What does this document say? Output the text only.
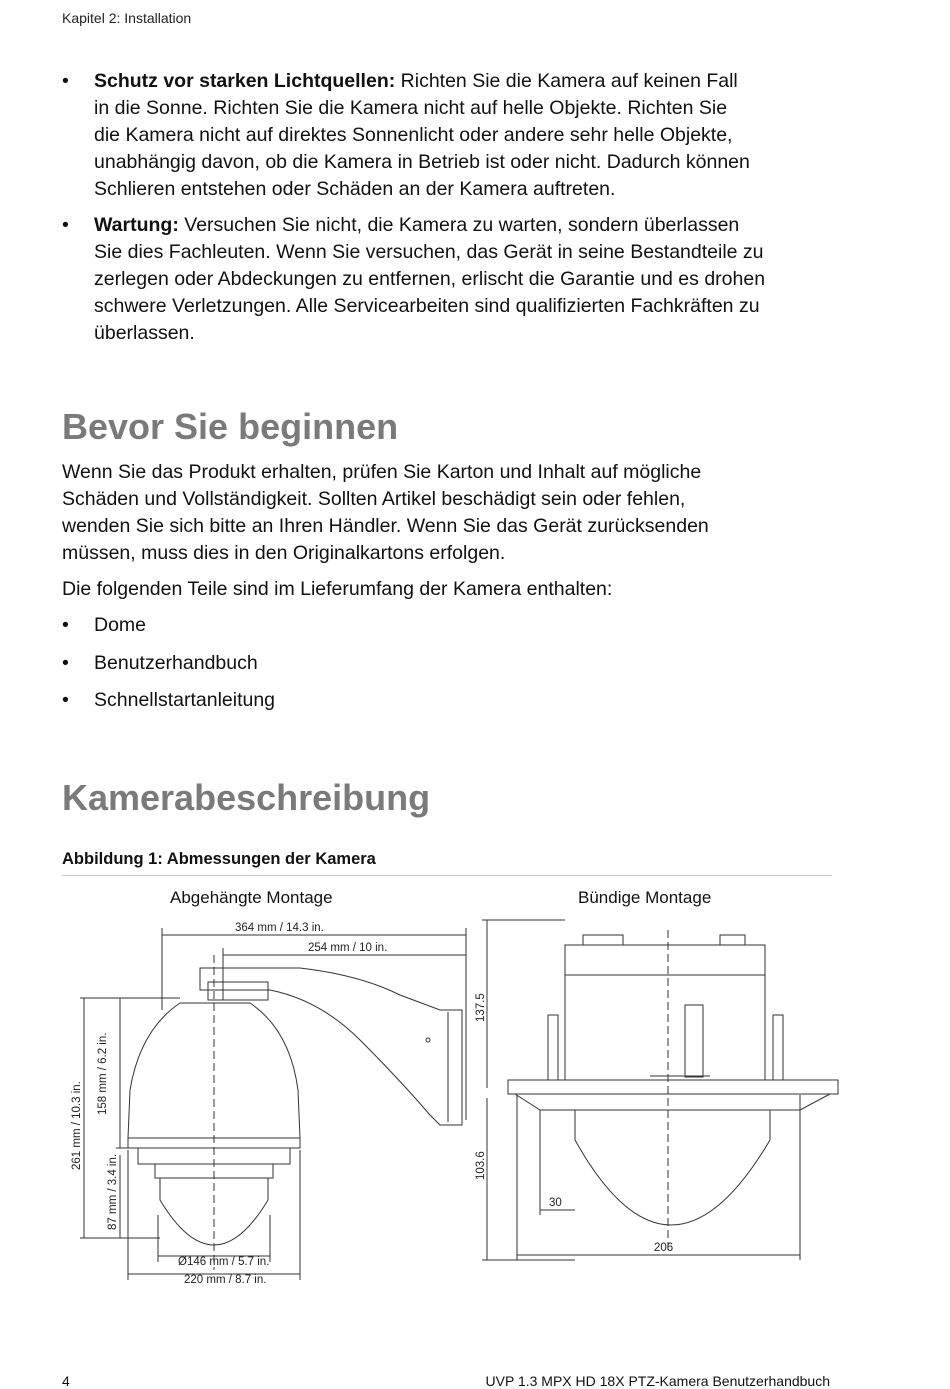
Kapitel 2: Installation
• Schutz vor starken Lichtquellen: Richten Sie die Kamera auf keinen Fall
in die Sonne. Richten Sie die Kamera nicht auf helle Objekte. Richten Sie
die Kamera nicht auf direktes Sonnenlicht oder andere sehr helle Objekte,
unabhängig davon, ob die Kamera in Betrieb ist oder nicht. Dadurch können
Schlieren entstehen oder Schäden an der Kamera auftreten.
• Wartung: Versuchen Sie nicht, die Kamera zu warten, sondern überlassen
Sie dies Fachleuten. Wenn Sie versuchen, das Gerät in seine Bestandteile zu
zerlegen oder Abdeckungen zu entfernen, erlischt die Garantie und es drohen
schwere Verletzungen. Alle Servicearbeiten sind qualifizierten Fachkräften zu
überlassen.
Bevor Sie beginnen
Wenn Sie das Produkt erhalten, prüfen Sie Karton und Inhalt auf mögliche
Schäden und Vollständigkeit. Sollten Artikel beschädigt sein oder fehlen,
wenden Sie sich bitte an Ihren Händler. Wenn Sie das Gerät zurücksenden
müssen, muss dies in den Originalkartons erfolgen.
Die folgenden Teile sind im Lieferumfang der Kamera enthalten:
• Dome
• Benutzerhandbuch
• Schnellstartanleitung
Kamerabeschreibung
Abbildung 1: Abmessungen der Kamera
Abgehängte Montage	Bündige Montage
364 mm / 14.3 in.
254 mm / 10 in.
Ø146 mm / 5.7 in.
220 mm / 8.7 in.
261 mm / 10.3 in.
158 mm / 6.2 in.
87 mm / 3.4 in.
137.5
103.6
30
206
4	UVP 1.3 MPX HD 18X PTZ-Kamera Benutzerhandbuch
